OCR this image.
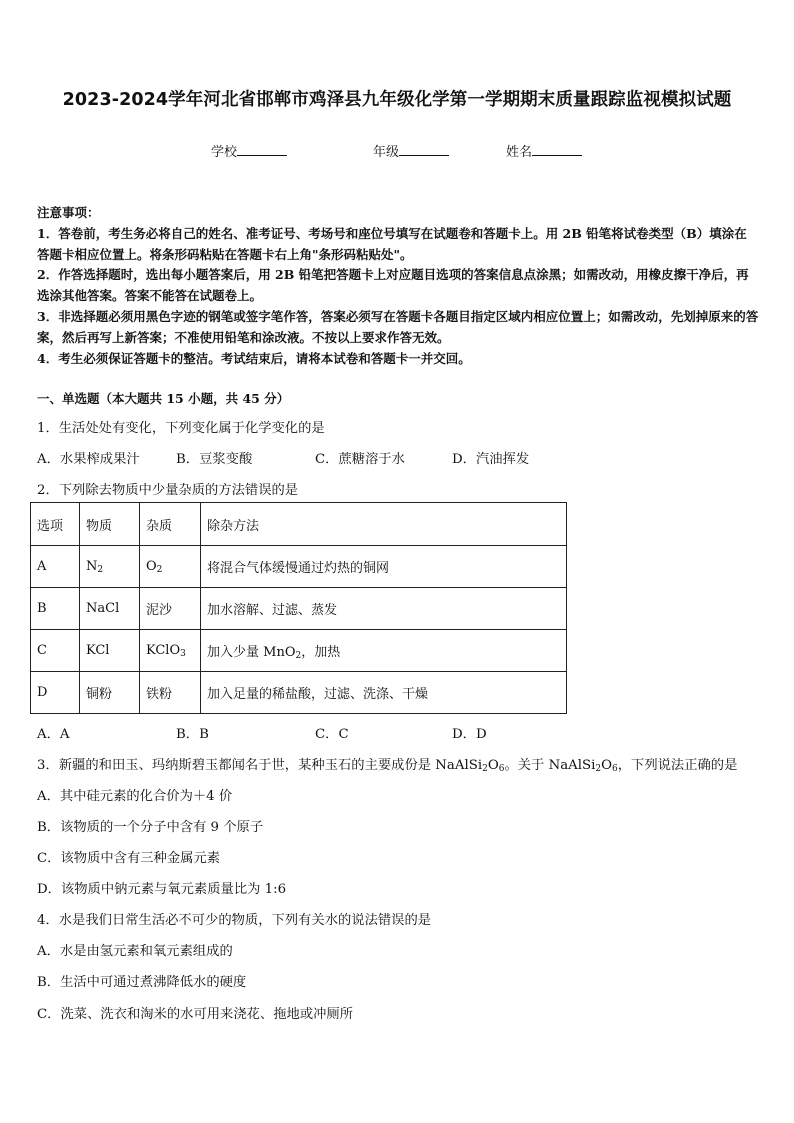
2023-2024学年河北省邯郸市鸡泽县九年级化学第一学期期末质量跟踪监视模拟试题
学校	年级	姓名

注意事项：

1．答卷前，考生务必将自己的姓名、准考证号、考场号和座位号填写在试题卷和答题卡上。用 2B 铅笔将试卷类型（B）填涂在答题卡相应位置上。将条形码粘贴在答题卡右上角"条形码粘贴处"。

2．作答选择题时，选出每小题答案后，用 2B 铅笔把答题卡上对应题目选项的答案信息点涂黑；如需改动，用橡皮擦干净后，再选涂其他答案。答案不能答在试题卷上。

3．非选择题必须用黑色字迹的钢笔或签字笔作答，答案必须写在答题卡各题目指定区域内相应位置上；如需改动，先划掉原来的答案，然后再写上新答案；不准使用铅笔和涂改液。不按以上要求作答无效。

4．考生必须保证答题卡的整洁。考试结束后，请将本试卷和答题卡一并交回。

一、单选题（本大题共 15 小题，共 45 分）
1．生活处处有变化，下列变化属于化学变化的是
A．水果榨成果汁	B．豆浆变酸	C．蔗糖溶于水	D．汽油挥发
2．下列除去物质中少量杂质的方法错误的是
选项	物质	杂质	除杂方法
A	$N_2$	$O_2$	将混合气体缓慢通过灼热的铜网
B	NaCl	泥沙	加水溶解、过滤、蒸发
C	KCl	KClO$_3$	加入少量 MnO$_2$，加热
D	铜粉	铁粉	加入足量的稀盐酸，过滤、洗涤、干燥
A．A	B．B	C．C	D．D
3．新疆的和田玉、玛纳斯碧玉都闻名于世，某种玉石的主要成份是 $NaAlSi_2O_6$。关于 $NaAlSi_2O_6$，下列说法正确的是
A．其中硅元素的化合价为＋4 价
B．该物质的一个分子中含有 9 个原子
C．该物质中含有三种金属元素
D．该物质中钠元素与氧元素质量比为 1:6
4．水是我们日常生活必不可少的物质，下列有关水的说法错误的是
A．水是由氢元素和氧元素组成的
B．生活中可通过煮沸降低水的硬度
C．洗菜、洗衣和淘米的水可用来浇花、拖地或冲厕所
